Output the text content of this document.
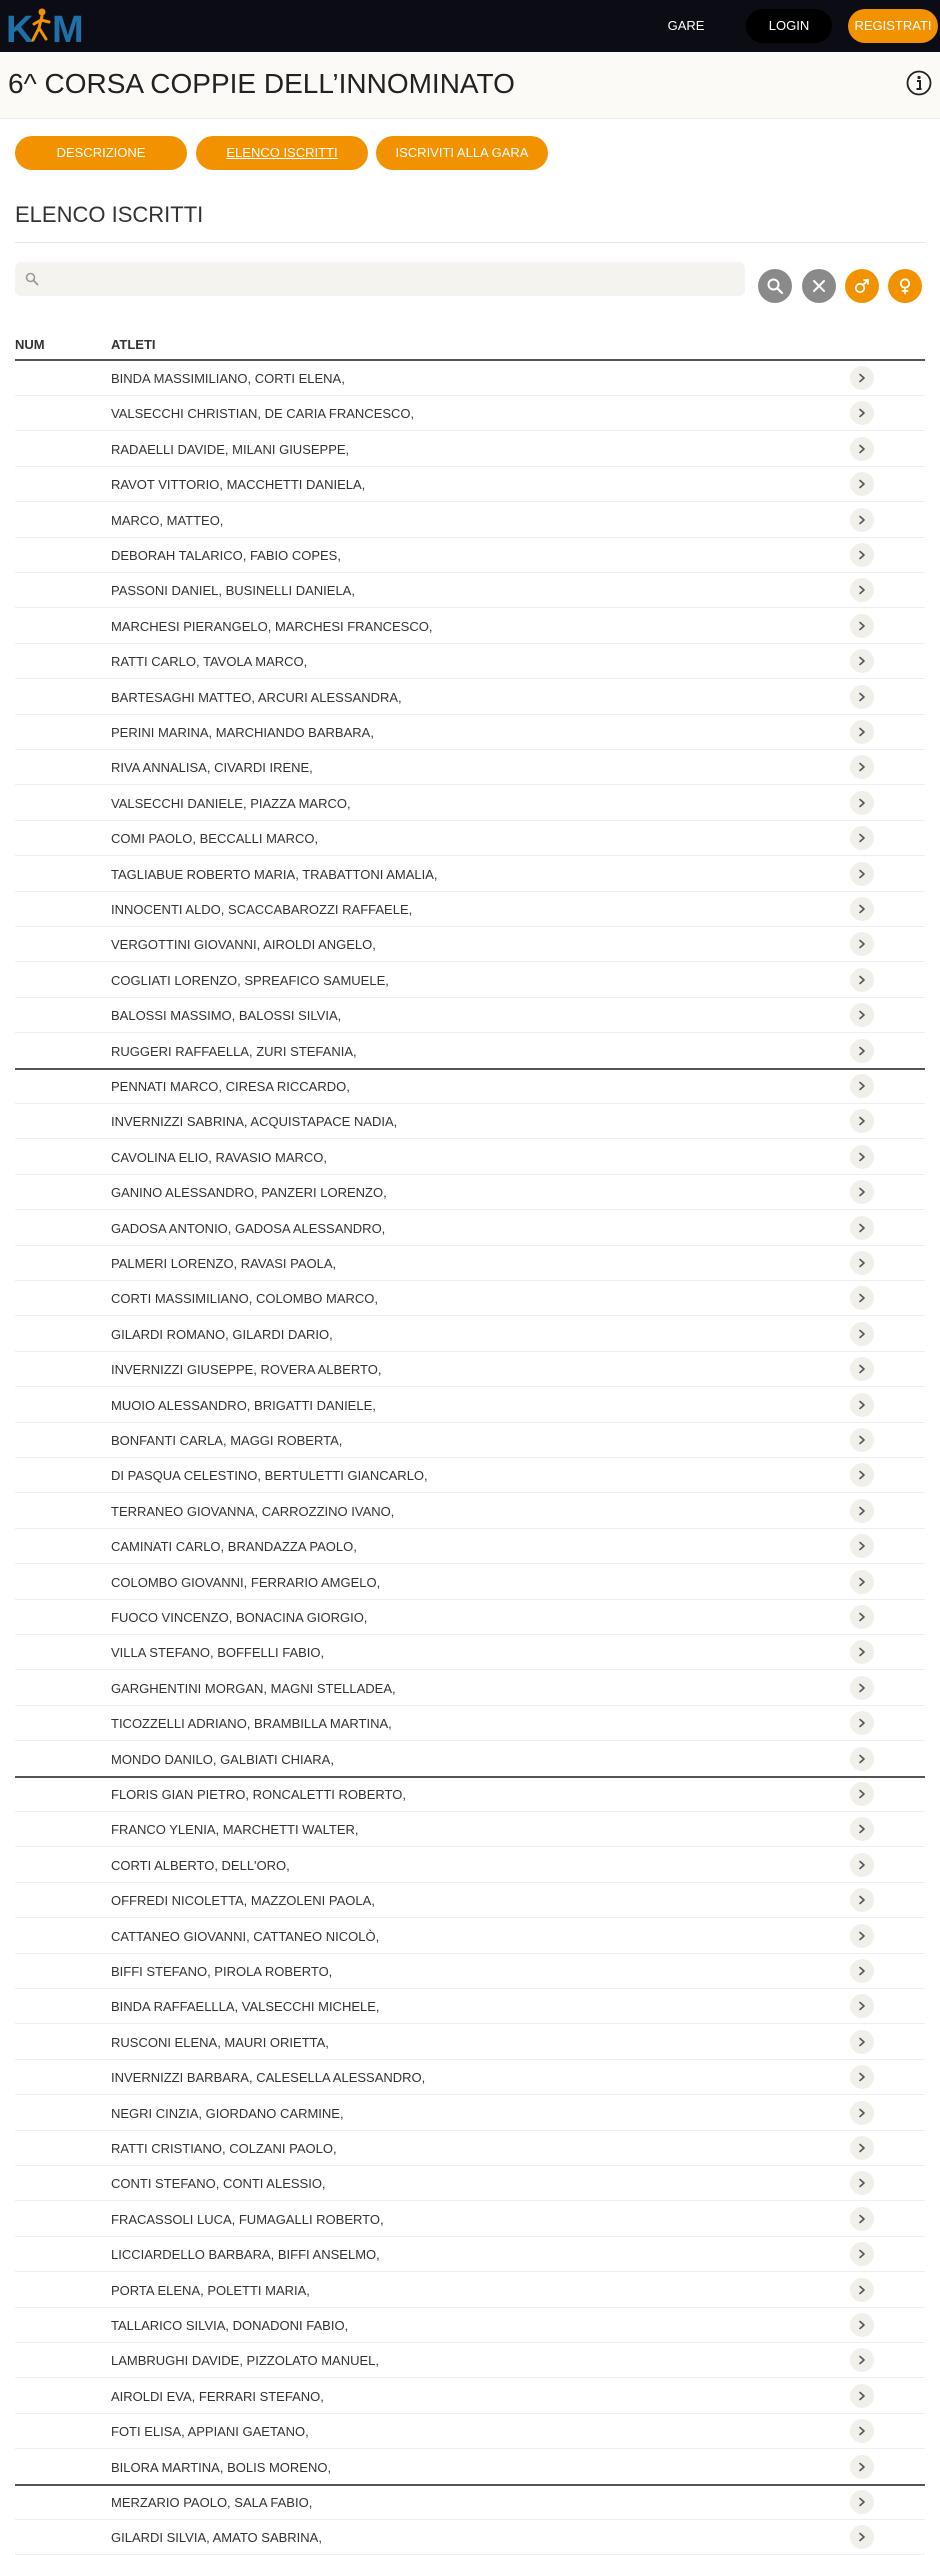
K M	GARE	LOGIN	REGISTRATI
6^ CORSA COPPIE DELL’INNOMINATO
DESCRIZIONE	ELENCO ISCRITTI	ISCRIVITI ALLA GARA
ELENCO ISCRITTI
NUM	ATLETI
BINDA MASSIMILIANO, CORTI ELENA,
VALSECCHI CHRISTIAN, DE CARIA FRANCESCO,
RADAELLI DAVIDE, MILANI GIUSEPPE,
RAVOT VITTORIO, MACCHETTI DANIELA,
MARCO, MATTEO,
DEBORAH TALARICO, FABIO COPES,
PASSONI DANIEL, BUSINELLI DANIELA,
MARCHESI PIERANGELO, MARCHESI FRANCESCO,
RATTI CARLO, TAVOLA MARCO,
BARTESAGHI MATTEO, ARCURI ALESSANDRA,
PERINI MARINA, MARCHIANDO BARBARA,
RIVA ANNALISA, CIVARDI IRENE,
VALSECCHI DANIELE, PIAZZA MARCO,
COMI PAOLO, BECCALLI MARCO,
TAGLIABUE ROBERTO MARIA, TRABATTONI AMALIA,
INNOCENTI ALDO, SCACCABAROZZI RAFFAELE,
VERGOTTINI GIOVANNI, AIROLDI ANGELO,
COGLIATI LORENZO, SPREAFICO SAMUELE,
BALOSSI MASSIMO, BALOSSI SILVIA,
RUGGERI RAFFAELLA, ZURI STEFANIA,
PENNATI MARCO, CIRESA RICCARDO,
INVERNIZZI SABRINA, ACQUISTAPACE NADIA,
CAVOLINA ELIO, RAVASIO MARCO,
GANINO ALESSANDRO, PANZERI LORENZO,
GADOSA ANTONIO, GADOSA ALESSANDRO,
PALMERI LORENZO, RAVASI PAOLA,
CORTI MASSIMILIANO, COLOMBO MARCO,
GILARDI ROMANO, GILARDI DARIO,
INVERNIZZI GIUSEPPE, ROVERA ALBERTO,
MUOIO ALESSANDRO, BRIGATTI DANIELE,
BONFANTI CARLA, MAGGI ROBERTA,
DI PASQUA CELESTINO, BERTULETTI GIANCARLO,
TERRANEO GIOVANNA, CARROZZINO IVANO,
CAMINATI CARLO, BRANDAZZA PAOLO,
COLOMBO GIOVANNI, FERRARIO AMGELO,
FUOCO VINCENZO, BONACINA GIORGIO,
VILLA STEFANO, BOFFELLI FABIO,
GARGHENTINI MORGAN, MAGNI STELLADEA,
TICOZZELLI ADRIANO, BRAMBILLA MARTINA,
MONDO DANILO, GALBIATI CHIARA,
FLORIS GIAN PIETRO, RONCALETTI ROBERTO,
FRANCO YLENIA, MARCHETTI WALTER,
CORTI ALBERTO, DELL'ORO,
OFFREDI NICOLETTA, MAZZOLENI PAOLA,
CATTANEO GIOVANNI, CATTANEO NICOLÒ,
BIFFI STEFANO, PIROLA ROBERTO,
BINDA RAFFAELLLA, VALSECCHI MICHELE,
RUSCONI ELENA, MAURI ORIETTA,
INVERNIZZI BARBARA, CALESELLA ALESSANDRO,
NEGRI CINZIA, GIORDANO CARMINE,
RATTI CRISTIANO, COLZANI PAOLO,
CONTI STEFANO, CONTI ALESSIO,
FRACASSOLI LUCA, FUMAGALLI ROBERTO,
LICCIARDELLO BARBARA, BIFFI ANSELMO,
PORTA ELENA, POLETTI MARIA,
TALLARICO SILVIA, DONADONI FABIO,
LAMBRUGHI DAVIDE, PIZZOLATO MANUEL,
AIROLDI EVA, FERRARI STEFANO,
FOTI ELISA, APPIANI GAETANO,
BILORA MARTINA, BOLIS MORENO,
MERZARIO PAOLO, SALA FABIO,
GILARDI SILVIA, AMATO SABRINA,
